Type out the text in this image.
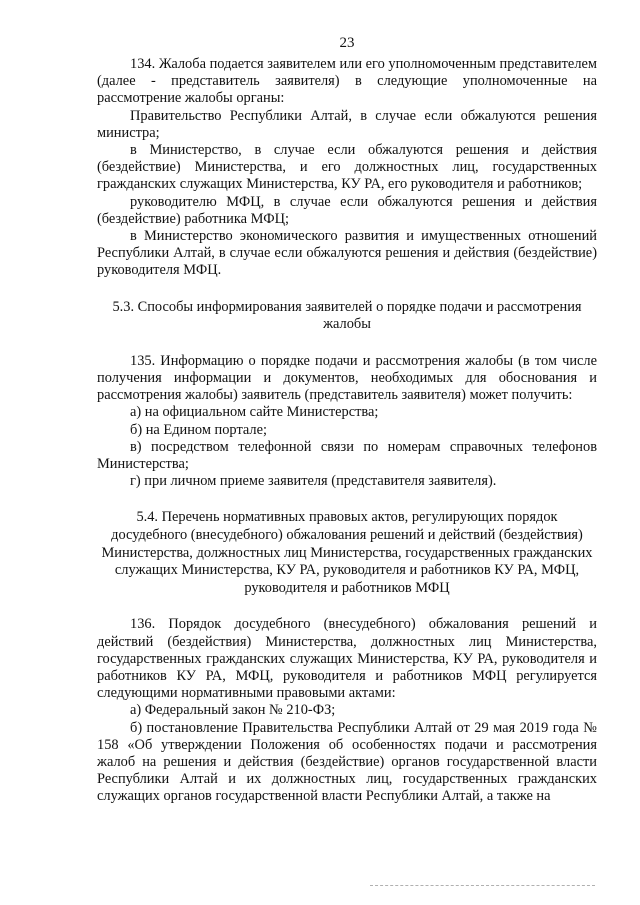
23

134. Жалоба подается заявителем или его уполномоченным представителем (далее - представитель заявителя) в следующие уполномоченные на рассмотрение жалобы органы:

Правительство Республики Алтай, в случае если обжалуются решения министра;

в Министерство, в случае если обжалуются решения и действия (бездействие) Министерства, и его должностных лиц, государственных гражданских служащих Министерства, КУ РА, его руководителя и работников;

руководителю МФЦ, в случае если обжалуются решения и действия (бездействие) работника МФЦ;

в Министерство экономического развития и имущественных отношений Республики Алтай, в случае если обжалуются решения и действия (бездействие) руководителя МФЦ.

5.3. Способы информирования заявителей о порядке подачи и рассмотрения жалобы

135. Информацию о порядке подачи и рассмотрения жалобы (в том числе получения информации и документов, необходимых для обоснования и рассмотрения жалобы) заявитель (представитель заявителя) может получить:

а) на официальном сайте Министерства;

б) на Едином портале;

в) посредством телефонной связи по номерам справочных телефонов Министерства;

г) при личном приеме заявителя (представителя заявителя).

5.4. Перечень нормативных правовых актов, регулирующих порядок досудебного (внесудебного) обжалования решений и действий (бездействия) Министерства, должностных лиц Министерства, государственных гражданских служащих Министерства, КУ РА, руководителя и работников КУ РА, МФЦ, руководителя и работников МФЦ

136. Порядок досудебного (внесудебного) обжалования решений и действий (бездействия) Министерства, должностных лиц Министерства, государственных гражданских служащих Министерства, КУ РА, руководителя и работников КУ РА, МФЦ, руководителя и работников МФЦ регулируется следующими нормативными правовыми актами:

а) Федеральный закон № 210-ФЗ;

б) постановление Правительства Республики Алтай от 29 мая 2019 года № 158 «Об утверждении Положения об особенностях подачи и рассмотрения жалоб на решения и действия (бездействие) органов государственной власти Республики Алтай и их должностных лиц, государственных гражданских служащих органов государственной власти Республики Алтай, а также на
